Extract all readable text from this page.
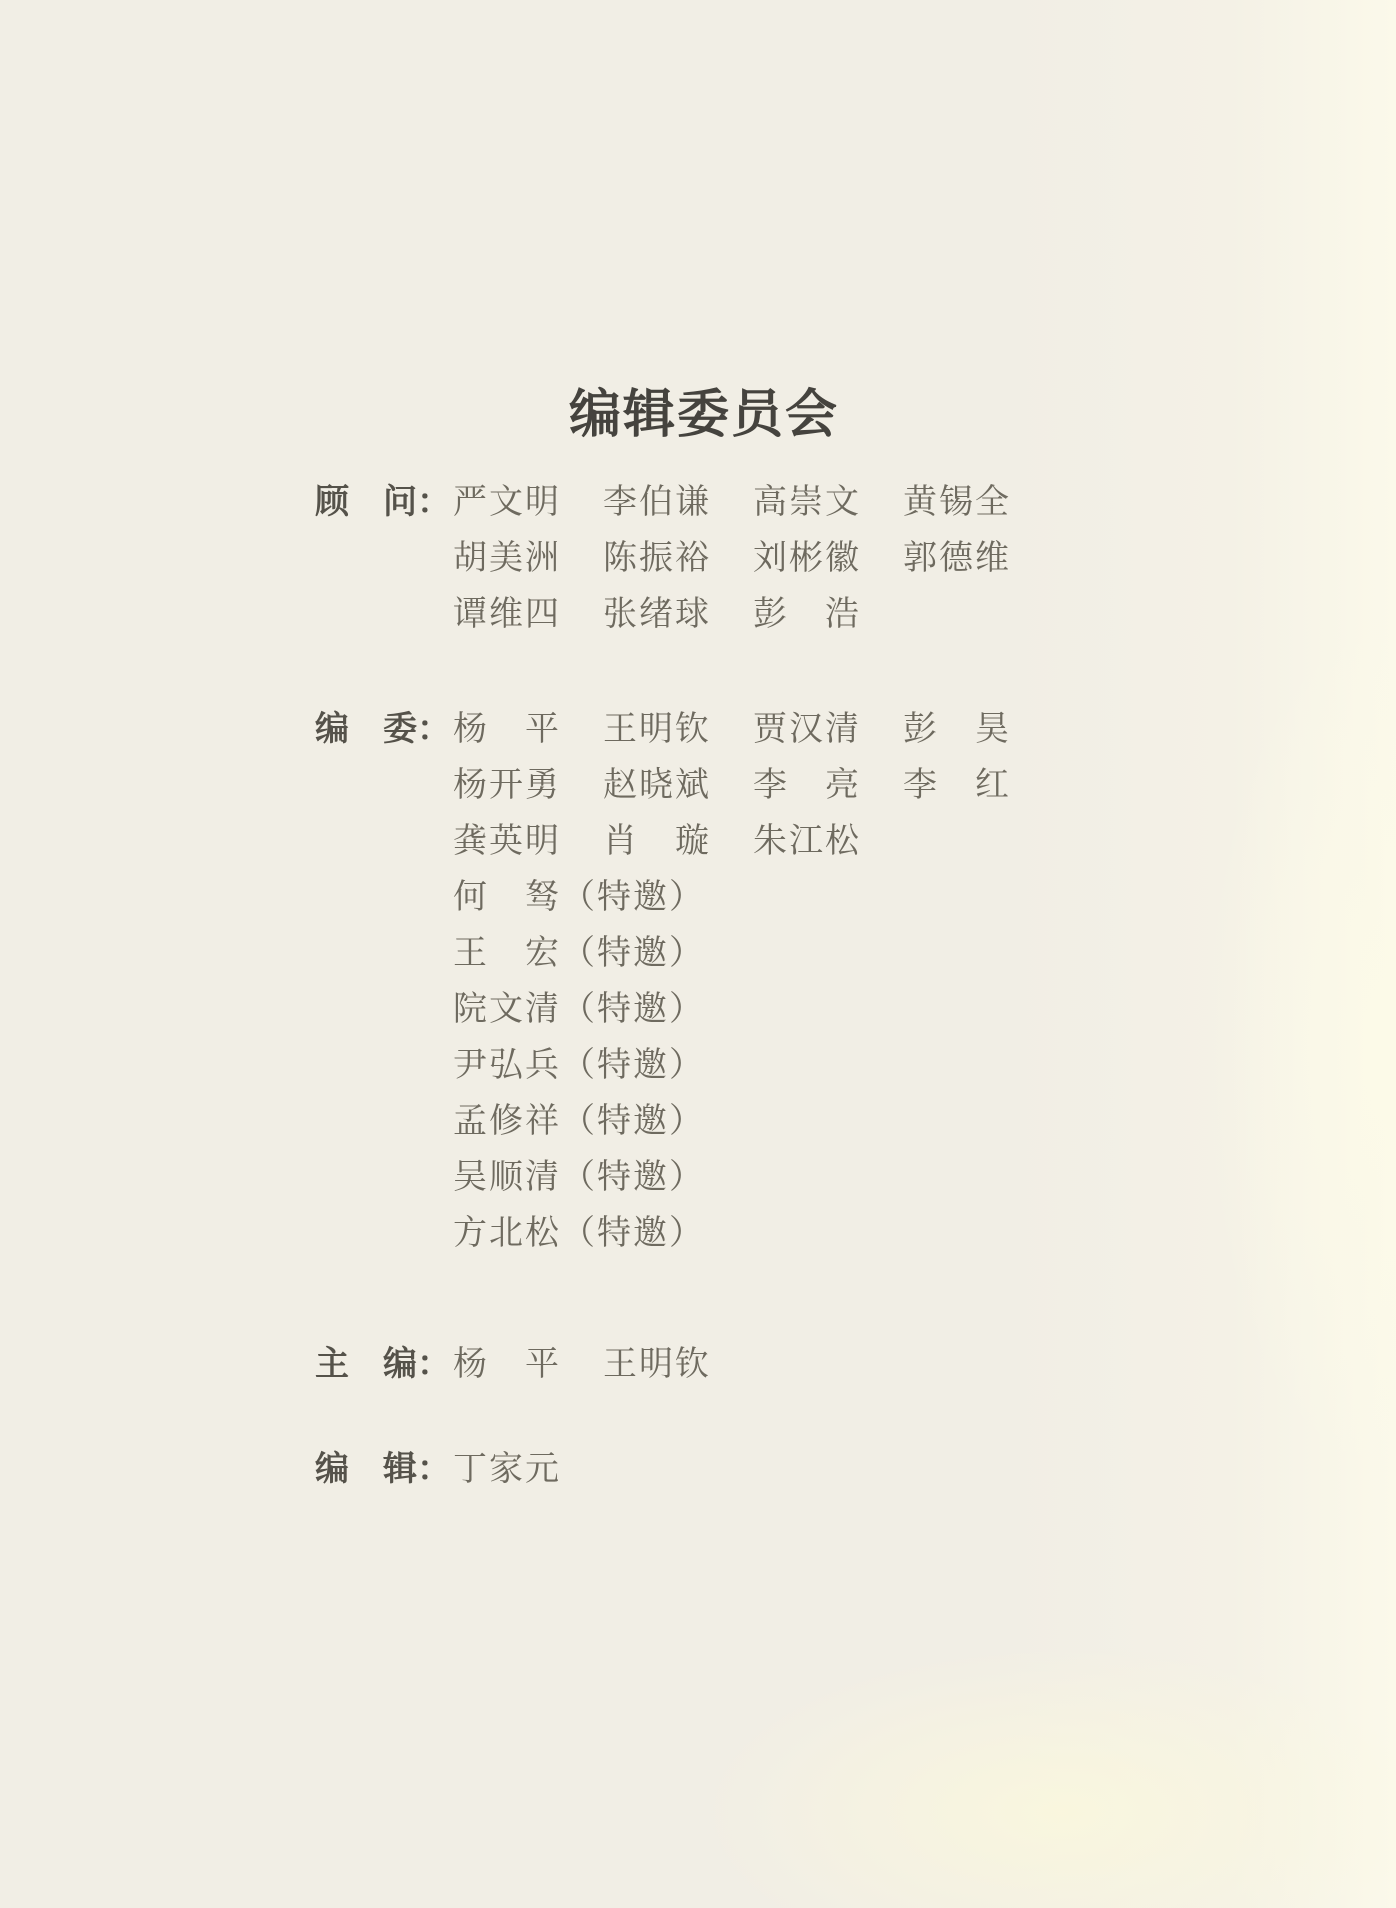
编辑委员会
顾　问： 严文明 李伯谦 高崇文 黄锡全
胡美洲 陈振裕 刘彬徽 郭德维
谭维四 张绪球 彭　浩
编　委： 杨　平 王明钦 贾汉清 彭　昊
杨开勇 赵晓斌 李　亮 李　红
龚英明 肖　璇 朱江松
何　驽（特邀）
王　宏（特邀）
院文清（特邀）
尹弘兵（特邀）
孟修祥（特邀）
吴顺清（特邀）
方北松（特邀）
主　编： 杨　平 王明钦
编　辑： 丁家元
